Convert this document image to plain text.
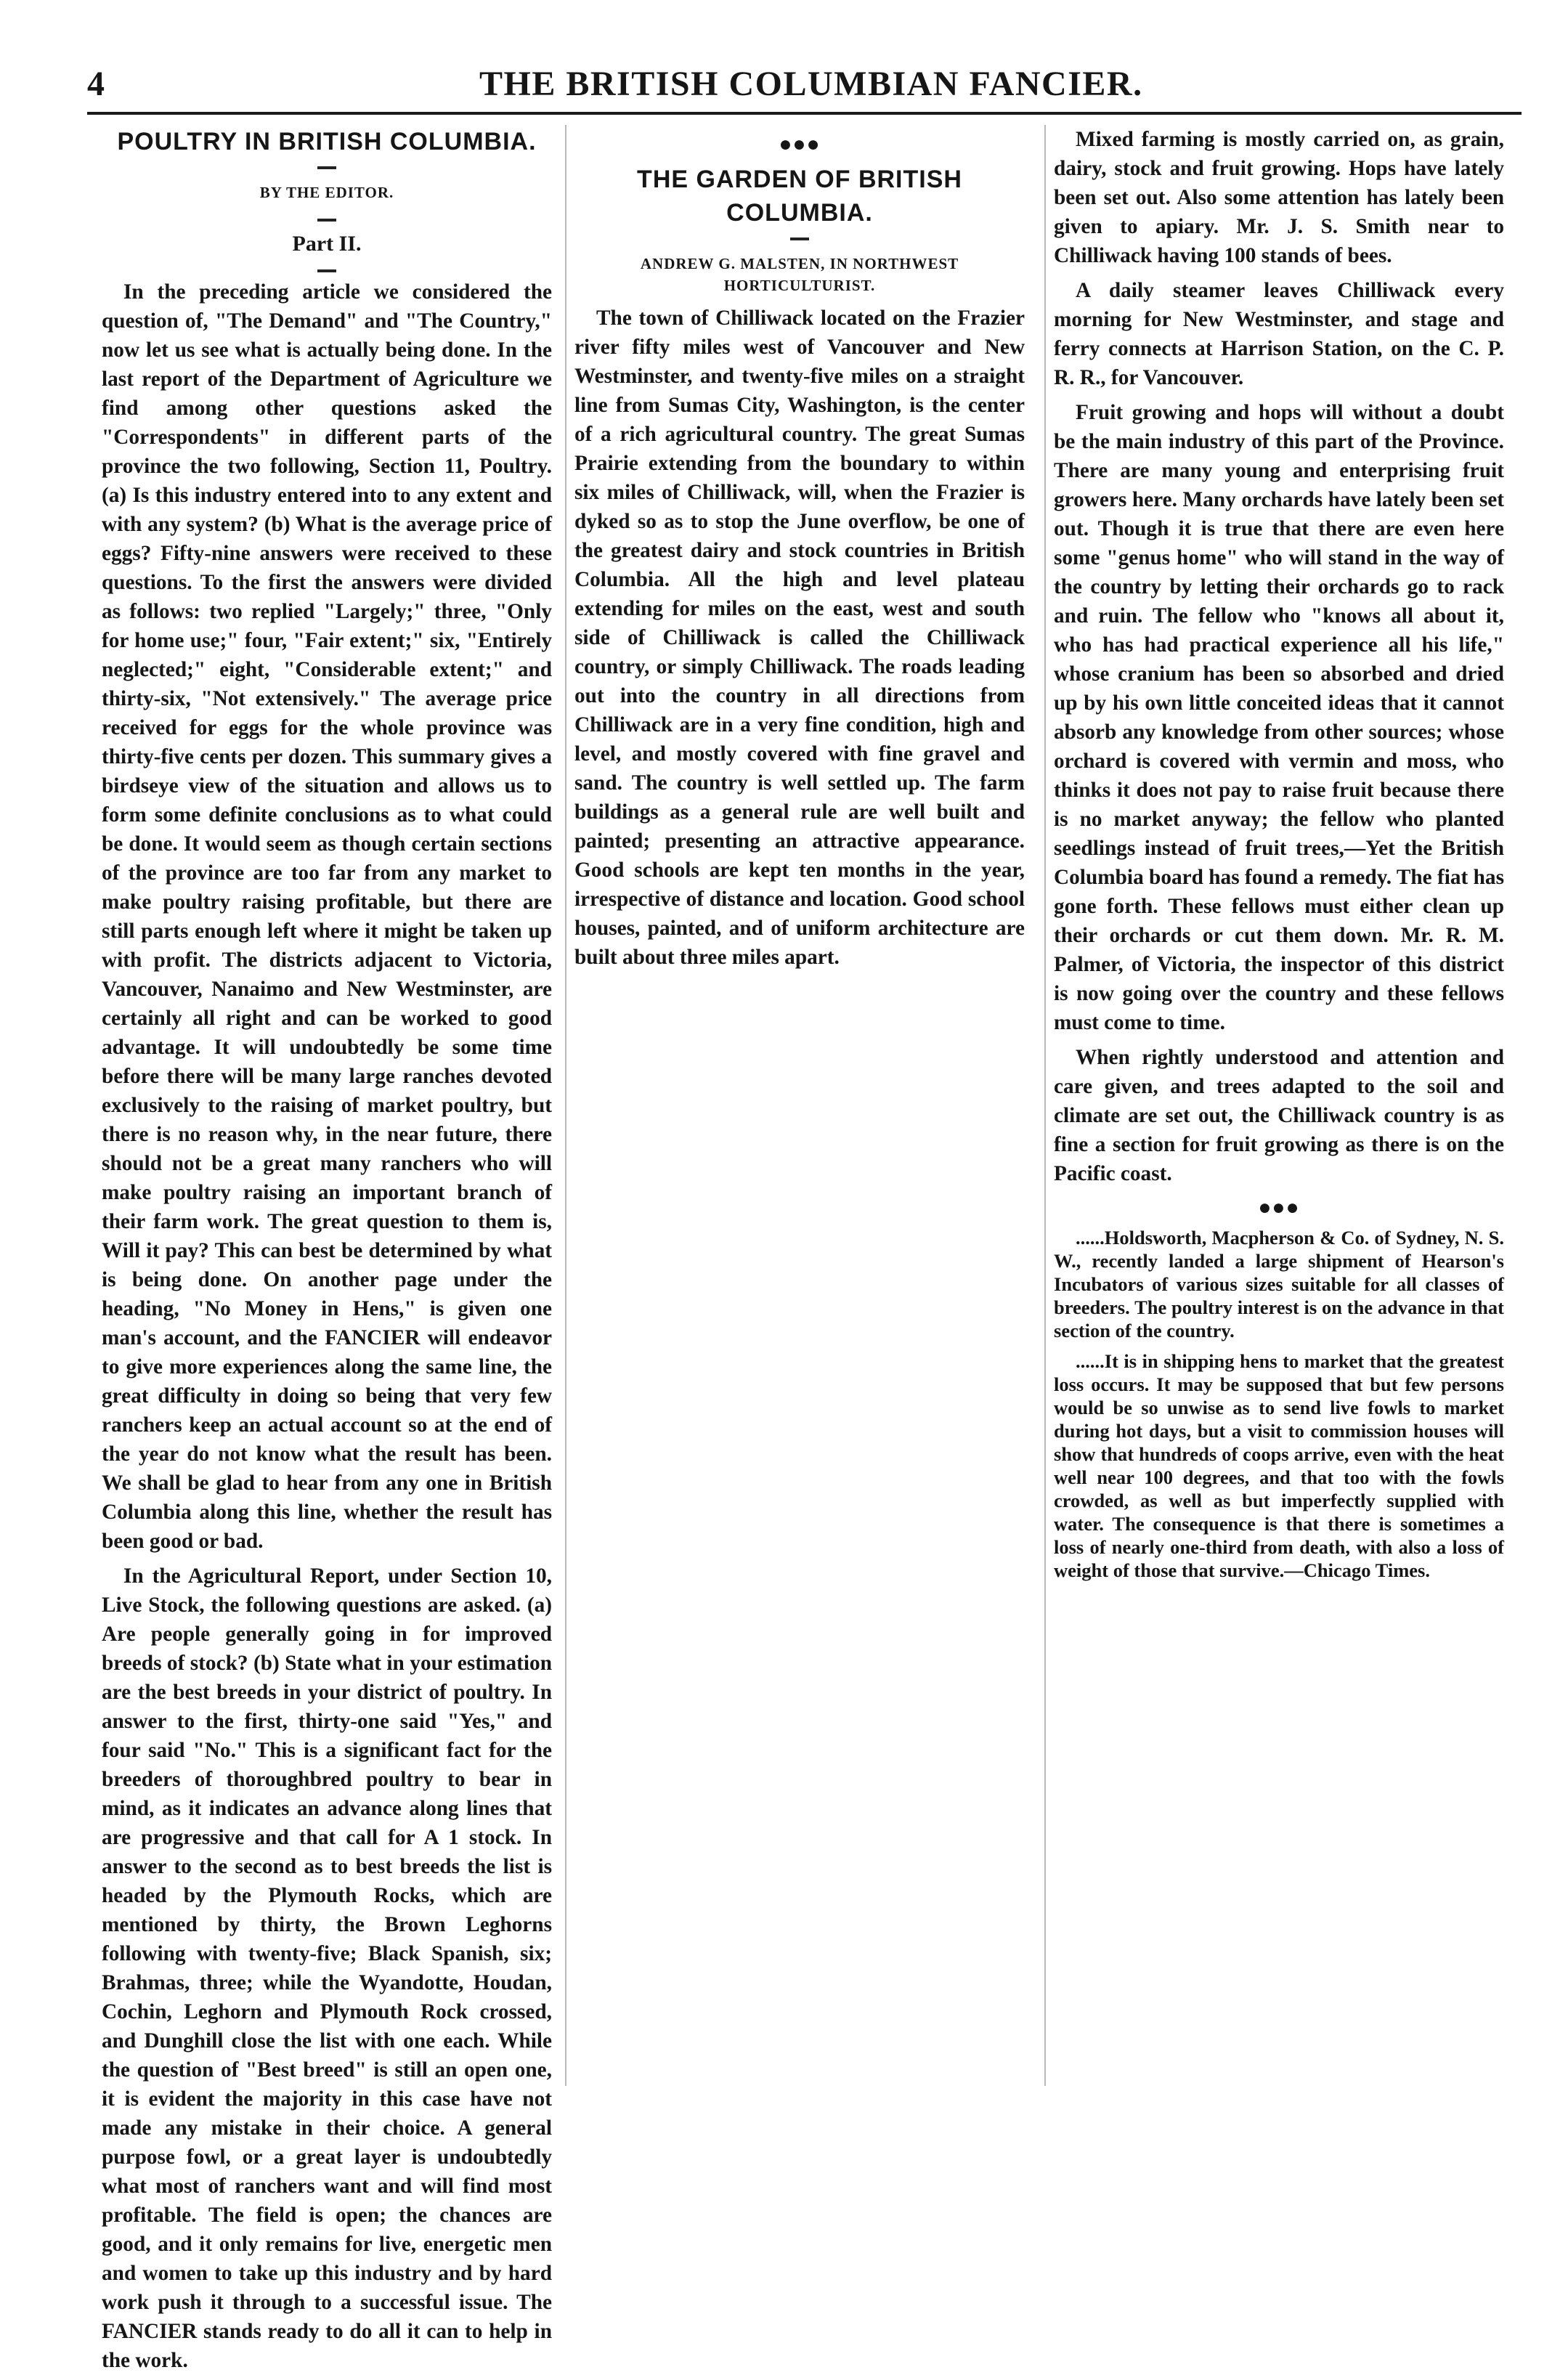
4	THE BRITISH COLUMBIAN FANCIER.
POULTRY IN BRITISH COLUMBIA.
BY THE EDITOR.
Part II.

In the preceding article we considered the question of, "The Demand" and "The Country," now let us see what is actually being done. In the last report of the Department of Agriculture we find among other questions asked the "Correspondents" in different parts of the province the two following, Section 11, Poultry. (a) Is this industry entered into to any extent and with any system? (b) What is the average price of eggs? Fifty-nine answers were received to these questions. To the first the answers were divided as follows: two replied "Largely;" three, "Only for home use;" four, "Fair extent;" six, "Entirely neglected;" eight, "Considerable extent;" and thirty-six, "Not extensively." The average price received for eggs for the whole province was thirty-five cents per dozen. This summary gives a birdseye view of the situation and allows us to form some definite conclusions as to what could be done. It would seem as though certain sections of the province are too far from any market to make poultry raising profitable, but there are still parts enough left where it might be taken up with profit. The districts adjacent to Victoria, Vancouver, Nanaimo and New Westminster, are certainly all right and can be worked to good advantage. It will undoubtedly be some time before there will be many large ranches devoted exclusively to the raising of market poultry, but there is no reason why, in the near future, there should not be a great many ranchers who will make poultry raising an important branch of their farm work. The great question to them is, Will it pay? This can best be determined by what is being done. On another page under the heading, "No Money in Hens," is given one man's account, and the FANCIER will endeavor to give more experiences along the same line, the great difficulty in doing so being that very few ranchers keep an actual account so at the end of the year do not know what the result has been. We shall be glad to hear from any one in British Columbia along this line, whether the result has been good or bad.

In the Agricultural Report, under Section 10, Live Stock, the following questions are asked. (a) Are people generally going in for improved breeds of stock? (b) State what in your estimation are the best breeds in your district of poultry. In answer to the first, thirty-one said "Yes," and four said "No." This is a significant fact for the breeders of thoroughbred poultry to bear in mind, as it indicates an advance along lines that are progressive and that call for A 1 stock. In answer to the second as to best breeds the list is headed by the Plymouth Rocks, which are mentioned by thirty, the Brown Leghorns following with twenty-five; Black Spanish, six; Brahmas, three; while the Wyandotte, Houdan, Cochin, Leghorn and Plymouth Rock crossed, and Dunghill close the list with one each. While the question of "Best breed" is still an open one, it is evident the majority in this case have not made any mistake in their choice. A general purpose fowl, or a great layer is undoubtedly what most of ranchers want and will find most profitable. The field is open; the chances are good, and it only remains for live, energetic men and women to take up this industry and by hard work push it through to a successful issue. The FANCIER stands ready to do all it can to help in the work.

●●●
THE GARDEN OF BRITISH COLUMBIA.
ANDREW G. MALSTEN, IN NORTHWEST HORTICULTURIST.

The town of Chilliwack located on the Frazier river fifty miles west of Vancouver and New Westminster, and twenty-five miles on a straight line from Sumas City, Washington, is the center of a rich agricultural country. The great Sumas Prairie extending from the boundary to within six miles of Chilliwack, will, when the Frazier is dyked so as to stop the June overflow, be one of the greatest dairy and stock countries in British Columbia. All the high and level plateau extending for miles on the east, west and south side of Chilliwack is called the Chilliwack country, or simply Chilliwack. The roads leading out into the country in all directions from Chilliwack are in a very fine condition, high and level, and mostly covered with fine gravel and sand. The country is well settled up. The farm buildings as a general rule are well built and painted; presenting an attractive appearance. Good schools are kept ten months in the year, irrespective of distance and location. Good school houses, painted, and of uniform architecture are built about three miles apart.

Mixed farming is mostly carried on, as grain, dairy, stock and fruit growing. Hops have lately been set out. Also some attention has lately been given to apiary. Mr. J. S. Smith near to Chilliwack having 100 stands of bees.

A daily steamer leaves Chilliwack every morning for New Westminster, and stage and ferry connects at Harrison Station, on the C. P. R. R., for Vancouver.

Fruit growing and hops will without a doubt be the main industry of this part of the Province. There are many young and enterprising fruit growers here. Many orchards have lately been set out. Though it is true that there are even here some "genus home" who will stand in the way of the country by letting their orchards go to rack and ruin. The fellow who "knows all about it, who has had practical experience all his life," whose cranium has been so absorbed and dried up by his own little conceited ideas that it cannot absorb any knowledge from other sources; whose orchard is covered with vermin and moss, who thinks it does not pay to raise fruit because there is no market anyway; the fellow who planted seedlings instead of fruit trees,—Yet the British Columbia board has found a remedy. The fiat has gone forth. These fellows must either clean up their orchards or cut them down. Mr. R. M. Palmer, of Victoria, the inspector of this district is now going over the country and these fellows must come to time.

When rightly understood and attention and care given, and trees adapted to the soil and climate are set out, the Chilliwack country is as fine a section for fruit growing as there is on the Pacific coast.

●●●

......Holdsworth, Macpherson & Co. of Sydney, N. S. W., recently landed a large shipment of Hearson's Incubators of various sizes suitable for all classes of breeders. The poultry interest is on the advance in that section of the country.

......It is in shipping hens to market that the greatest loss occurs. It may be supposed that but few persons would be so unwise as to send live fowls to market during hot days, but a visit to commission houses will show that hundreds of coops arrive, even with the heat well near 100 degrees, and that too with the fowls crowded, as well as but imperfectly supplied with water. The consequence is that there is sometimes a loss of nearly one-third from death, with also a loss of weight of those that survive.—Chicago Times.
